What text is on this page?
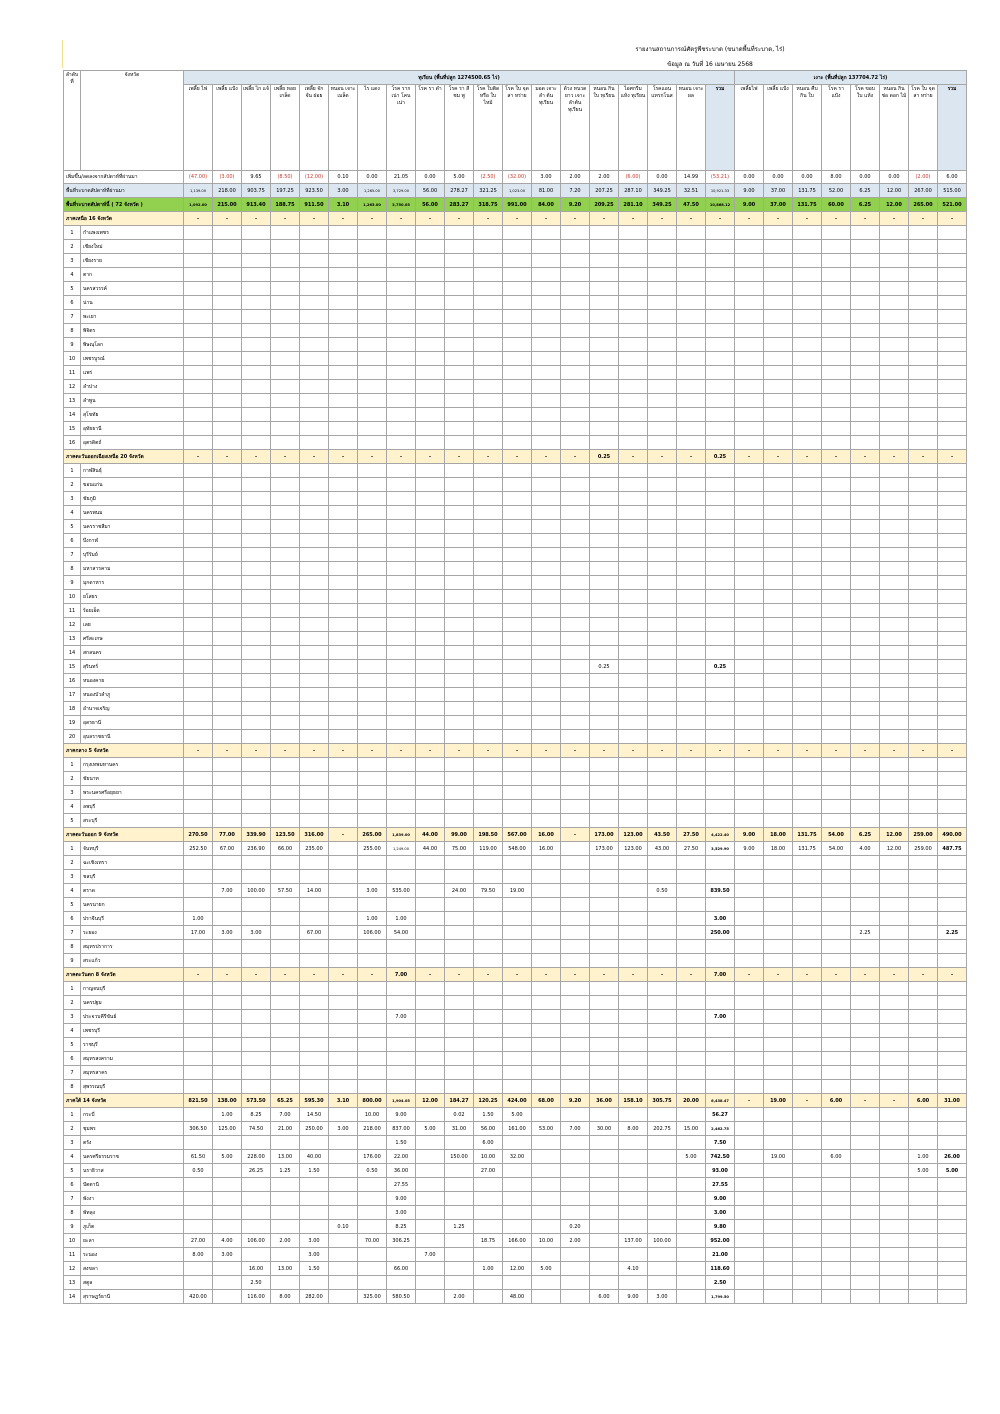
รายงานสถานการณ์ศัตรูพืชระบาด (ขนาดพื้นที่ระบาด, ไร่)
ข้อมูล ณ วันที่ 16 เมษายน 2568
ลำดับ ที่	จังหวัด	ทุเรียน (พื้นที่ปลูก 1274500.65 ไร่)																			เงาะ (พื้นที่ปลูก 137704.72 ไร่)							
		เพลี้ย ไฟ	เพลี้ย แป้ง	เพลี้ย ไก แจ้	เพลี้ย หอย เกล็ด	เพลี้ย จัก จั่น ฝอย	หนอน เจาะ เมล็ด	ไร แดง	โรค ราก เน่า โคน เน่า	โรค รา ดำ	โรค รา สี ชม พู	โรค ใบติด หรือ ใบ ไหม้	โรค ใบ จุด สา หร่าย	มอด เจาะลำ ต้นทุเรียน	ด้วง หนวด ยาว เจาะ ลำต้น ทุเรียน	หนอน กินใบ ทุเรียน	ไอศกรีม แห้ง ทุเรียน	โรคแอน แทรกโนส	หนอน เจาะ ผล	รวม	เพลี้ยไฟ	เพลี้ย แป้ง	หนอน คืบ กิน ใบ	โรค รา แป้ง	โรค ขอบ ใบ แห้ง	หนอน กิน ช่อ ดอก ไม้	โรค ใบ จุด สา หร่าย	รวม
เพิ่มขึ้น/ลดลงจากสัปดาห์ที่ผ่านมา		(47.00)	(3.00)	9.65	(8.50)	(12.00)	0.10	0.00	21.05	0.00	5.00	(2.50)	(32.00)	3.00	2.00	2.00	(6.00)	0.00	14.99	(53.21)	0.00	0.00	0.00	8.00	0.00	0.00	(2.00)	6.00
พื้นที่ระบาดสัปดาห์ที่ผ่านมา		1,139.00	218.00	903.75	197.25	923.50	3.00	1,265.00	3,729.00	56.00	278.27	321.25	1,023.00	81.00	7.20	207.25	287.10	349.25	32.51	10,921.33	9.00	37.00	131.75	52.00	6.25	12.00	267.00	515.00
พื้นที่ระบาดสัปดาห์นี้ ( 72 จังหวัด )		1,092.00	215.00	913.40	188.75	911.50	3.10	1,265.00	3,750.05	56.00	283.27	318.75	991.00	84.00	9.20	209.25	281.10	349.25	47.50	10,868.12	9.00	37.00	131.75	60.00	6.25	12.00	265.00	521.00
ภาคเหนือ 16 จังหวัด		-	-	-	-	-	-	-	-	-	-	-	-	-	-	-	-	-	-	-	-	-	-	-	-	-	-	-
1	กำแพงเพชร																											
2	เชียงใหม่																											
3	เชียงราย																											
4	ตาก																											
5	นครสวรรค์																											
6	น่าน																											
7	พะเยา																											
8	พิจิตร																											
9	พิษณุโลก																											
10	เพชรบูรณ์																											
11	แพร่																											
12	ลำปาง																											
13	ลำพูน																											
14	สุโขทัย																											
15	อุทัยธานี																											
16	อุตรดิตถ์																											
ภาคตะวันออกเฉียงเหนือ 20 จังหวัด		-	-	-	-	-	-	-	-	-	-	-	-	-	-	0.25	-	-	-	0.25	-	-	-	-	-	-	-	-
1	กาฬสินธุ์																											
2	ขอนแก่น																											
3	ชัยภูมิ																											
4	นครพนม																											
5	นครราชสีมา																											
6	บึงกาฬ																											
7	บุรีรัมย์																											
8	มหาสารคาม																											
9	มุกดาหาร																											
10	ยโสธร																											
11	ร้อยเอ็ด																											
12	เลย																											
13	ศรีสะเกษ																											
14	สกลนคร																											
15	สุรินทร์															0.25				0.25								
16	หนองคาย																											
17	หนองบัวลำภู																											
18	อำนาจเจริญ																											
19	อุดรธานี																											
20	อุบลราชธานี																											
ภาคกลาง 5 จังหวัด		-	-	-	-	-	-	-	-	-	-	-	-	-	-	-	-	-	-	-	-	-	-	-	-	-	-	-
1	กรุงเทพมหานคร																											
2	ชัยนาท																											
3	พระนครศรีอยุธยา																											
4	ลพบุรี																											
5	สระบุรี																											
ภาคตะวันออก 9 จังหวัด		270.50	77.00	339.90	123.50	316.00	-	265.00	1,839.00	44.00	99.00	198.50	567.00	16.00	-	173.00	123.00	43.50	27.50	4,422.40	9.00	18.00	131.75	54.00	6.25	12.00	259.00	490.00
1	จันทบุรี	252.50	67.00	236.90	66.00	235.00		255.00	1,249.00	44.00	75.00	119.00	548.00	16.00		173.00	123.00	43.00	27.50	3,529.90	9.00	18.00	131.75	54.00	4.00	12.00	259.00	487.75
2	ฉะเชิงเทรา																											
3	ชลบุรี																											
4	ตราด		7.00	100.00	57.50	14.00		3.00	535.00		24.00	79.50	19.00					0.50		839.50								
5	นครนายก																											
6	ปราจีนบุรี	1.00						1.00	1.00											3.00								
7	ระยอง	17.00	3.00	3.00		67.00		106.00	54.00											250.00					2.25			2.25
8	สมุทรปราการ																											
9	สระแก้ว																											
ภาคตะวันตก 8 จังหวัด		-	-	-	-	-	-	-	7.00	-	-	-	-	-	-	-	-	-	-	7.00	-	-	-	-	-	-	-	-
1	กาญจนบุรี																											
2	นครปฐม																											
3	ประจวบคีรีขันธ์								7.00											7.00								
4	เพชรบุรี																											
5	ราชบุรี																											
6	สมุทรสงคราม																											
7	สมุทรสาคร																											
8	สุพรรณบุรี																											
ภาคใต้ 14 จังหวัด		821.50	138.00	573.50	65.25	595.30	3.10	800.00	1,904.05	12.00	184.27	120.25	424.00	68.00	9.20	36.00	158.10	305.75	20.00	6,438.47	-	19.00	-	6.00	-	-	6.00	31.00
1	กระบี่		1.00	8.25	7.00	14.50		10.00	9.00		0.02	1.50	5.00							56.27								
2	ชุมพร	306.50	125.00	74.50	21.00	250.00	3.00	218.00	837.00	5.00	31.00	56.00	161.00	53.00	7.00	30.00	8.00	202.75	15.00	2,462.75								
3	ตรัง								1.50			6.00								7.50								
4	นครศรีธรรมราช	61.50	5.00	228.00	13.00	40.00		176.00	22.00		150.00	10.00	32.00						5.00	742.50		19.00		6.00			1.00	26.00
5	นราธิวาส	0.50		26.25	1.25	1.50		0.50	36.00			27.00								93.00							5.00	5.00
6	ปัตตานี								27.55											27.55								
7	พังงา								9.00											9.00								
8	พัทลุง								3.00											3.00								
9	ภูเก็ต						0.10		8.25		1.25				0.20					9.80								
10	ยะลา	27.00	4.00	106.00	2.00	3.00		70.00	306.25			18.75	166.00	10.00	2.00		137.00	100.00		952.00								
11	ระนอง	8.00	3.00			3.00				7.00										21.00								
12	สงขลา			16.00	13.00	1.50			66.00			1.00	12.00	5.00			4.10			118.60								
13	สตูล			2.50																2.50								
14	สุราษฎร์ธานี	420.00		116.00	8.00	282.00		325.00	580.50		2.00		48.00			6.00	9.00	3.00		1,799.50								
